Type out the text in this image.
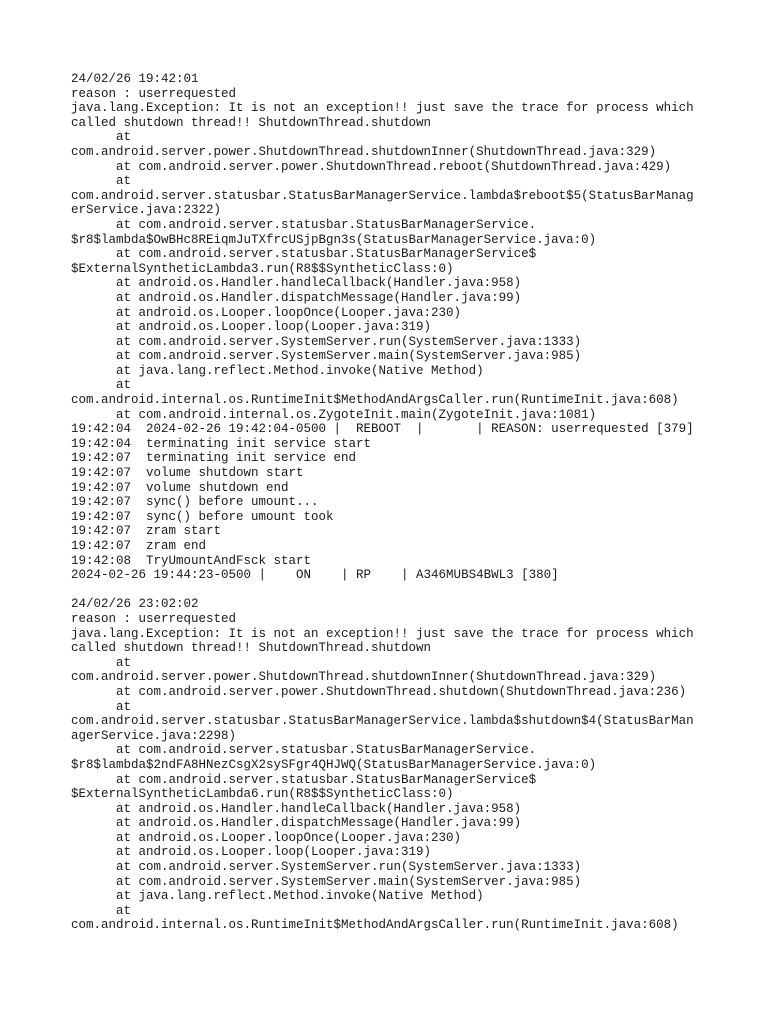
24/02/26 19:42:01
reason : userrequested
java.lang.Exception: It is not an exception!! just save the trace for process which
called shutdown thread!! ShutdownThread.shutdown
at
com.android.server.power.ShutdownThread.shutdownInner(ShutdownThread.java:329)
at com.android.server.power.ShutdownThread.reboot(ShutdownThread.java:429)
at
com.android.server.statusbar.StatusBarManagerService.lambda$reboot$5(StatusBarManag
erService.java:2322)
at com.android.server.statusbar.StatusBarManagerService.
$r8$lambda$OwBHc8REiqmJuTXfrcUSjpBgn3s(StatusBarManagerService.java:0)
at com.android.server.statusbar.StatusBarManagerService$
$ExternalSyntheticLambda3.run(R8$$SyntheticClass:0)
at android.os.Handler.handleCallback(Handler.java:958)
at android.os.Handler.dispatchMessage(Handler.java:99)
at android.os.Looper.loopOnce(Looper.java:230)
at android.os.Looper.loop(Looper.java:319)
at com.android.server.SystemServer.run(SystemServer.java:1333)
at com.android.server.SystemServer.main(SystemServer.java:985)
at java.lang.reflect.Method.invoke(Native Method)
at
com.android.internal.os.RuntimeInit$MethodAndArgsCaller.run(RuntimeInit.java:608)
at com.android.internal.os.ZygoteInit.main(ZygoteInit.java:1081)
19:42:04  2024-02-26 19:42:04-0500 |  REBOOT  |       | REASON: userrequested [379]
19:42:04  terminating init service start
19:42:07  terminating init service end
19:42:07  volume shutdown start
19:42:07  volume shutdown end
19:42:07  sync() before umount...
19:42:07  sync() before umount took
19:42:07  zram start
19:42:07  zram end
19:42:08  TryUmountAndFsck start
2024-02-26 19:44:23-0500 |    ON    | RP    | A346MUBS4BWL3 [380]
24/02/26 23:02:02
reason : userrequested
java.lang.Exception: It is not an exception!! just save the trace for process which
called shutdown thread!! ShutdownThread.shutdown
at
com.android.server.power.ShutdownThread.shutdownInner(ShutdownThread.java:329)
at com.android.server.power.ShutdownThread.shutdown(ShutdownThread.java:236)
at
com.android.server.statusbar.StatusBarManagerService.lambda$shutdown$4(StatusBarMan
agerService.java:2298)
at com.android.server.statusbar.StatusBarManagerService.
$r8$lambda$2ndFA8HNezCsgX2sySFgr4QHJWQ(StatusBarManagerService.java:0)
at com.android.server.statusbar.StatusBarManagerService$
$ExternalSyntheticLambda6.run(R8$$SyntheticClass:0)
at android.os.Handler.handleCallback(Handler.java:958)
at android.os.Handler.dispatchMessage(Handler.java:99)
at android.os.Looper.loopOnce(Looper.java:230)
at android.os.Looper.loop(Looper.java:319)
at com.android.server.SystemServer.run(SystemServer.java:1333)
at com.android.server.SystemServer.main(SystemServer.java:985)
at java.lang.reflect.Method.invoke(Native Method)
at
com.android.internal.os.RuntimeInit$MethodAndArgsCaller.run(RuntimeInit.java:608)
